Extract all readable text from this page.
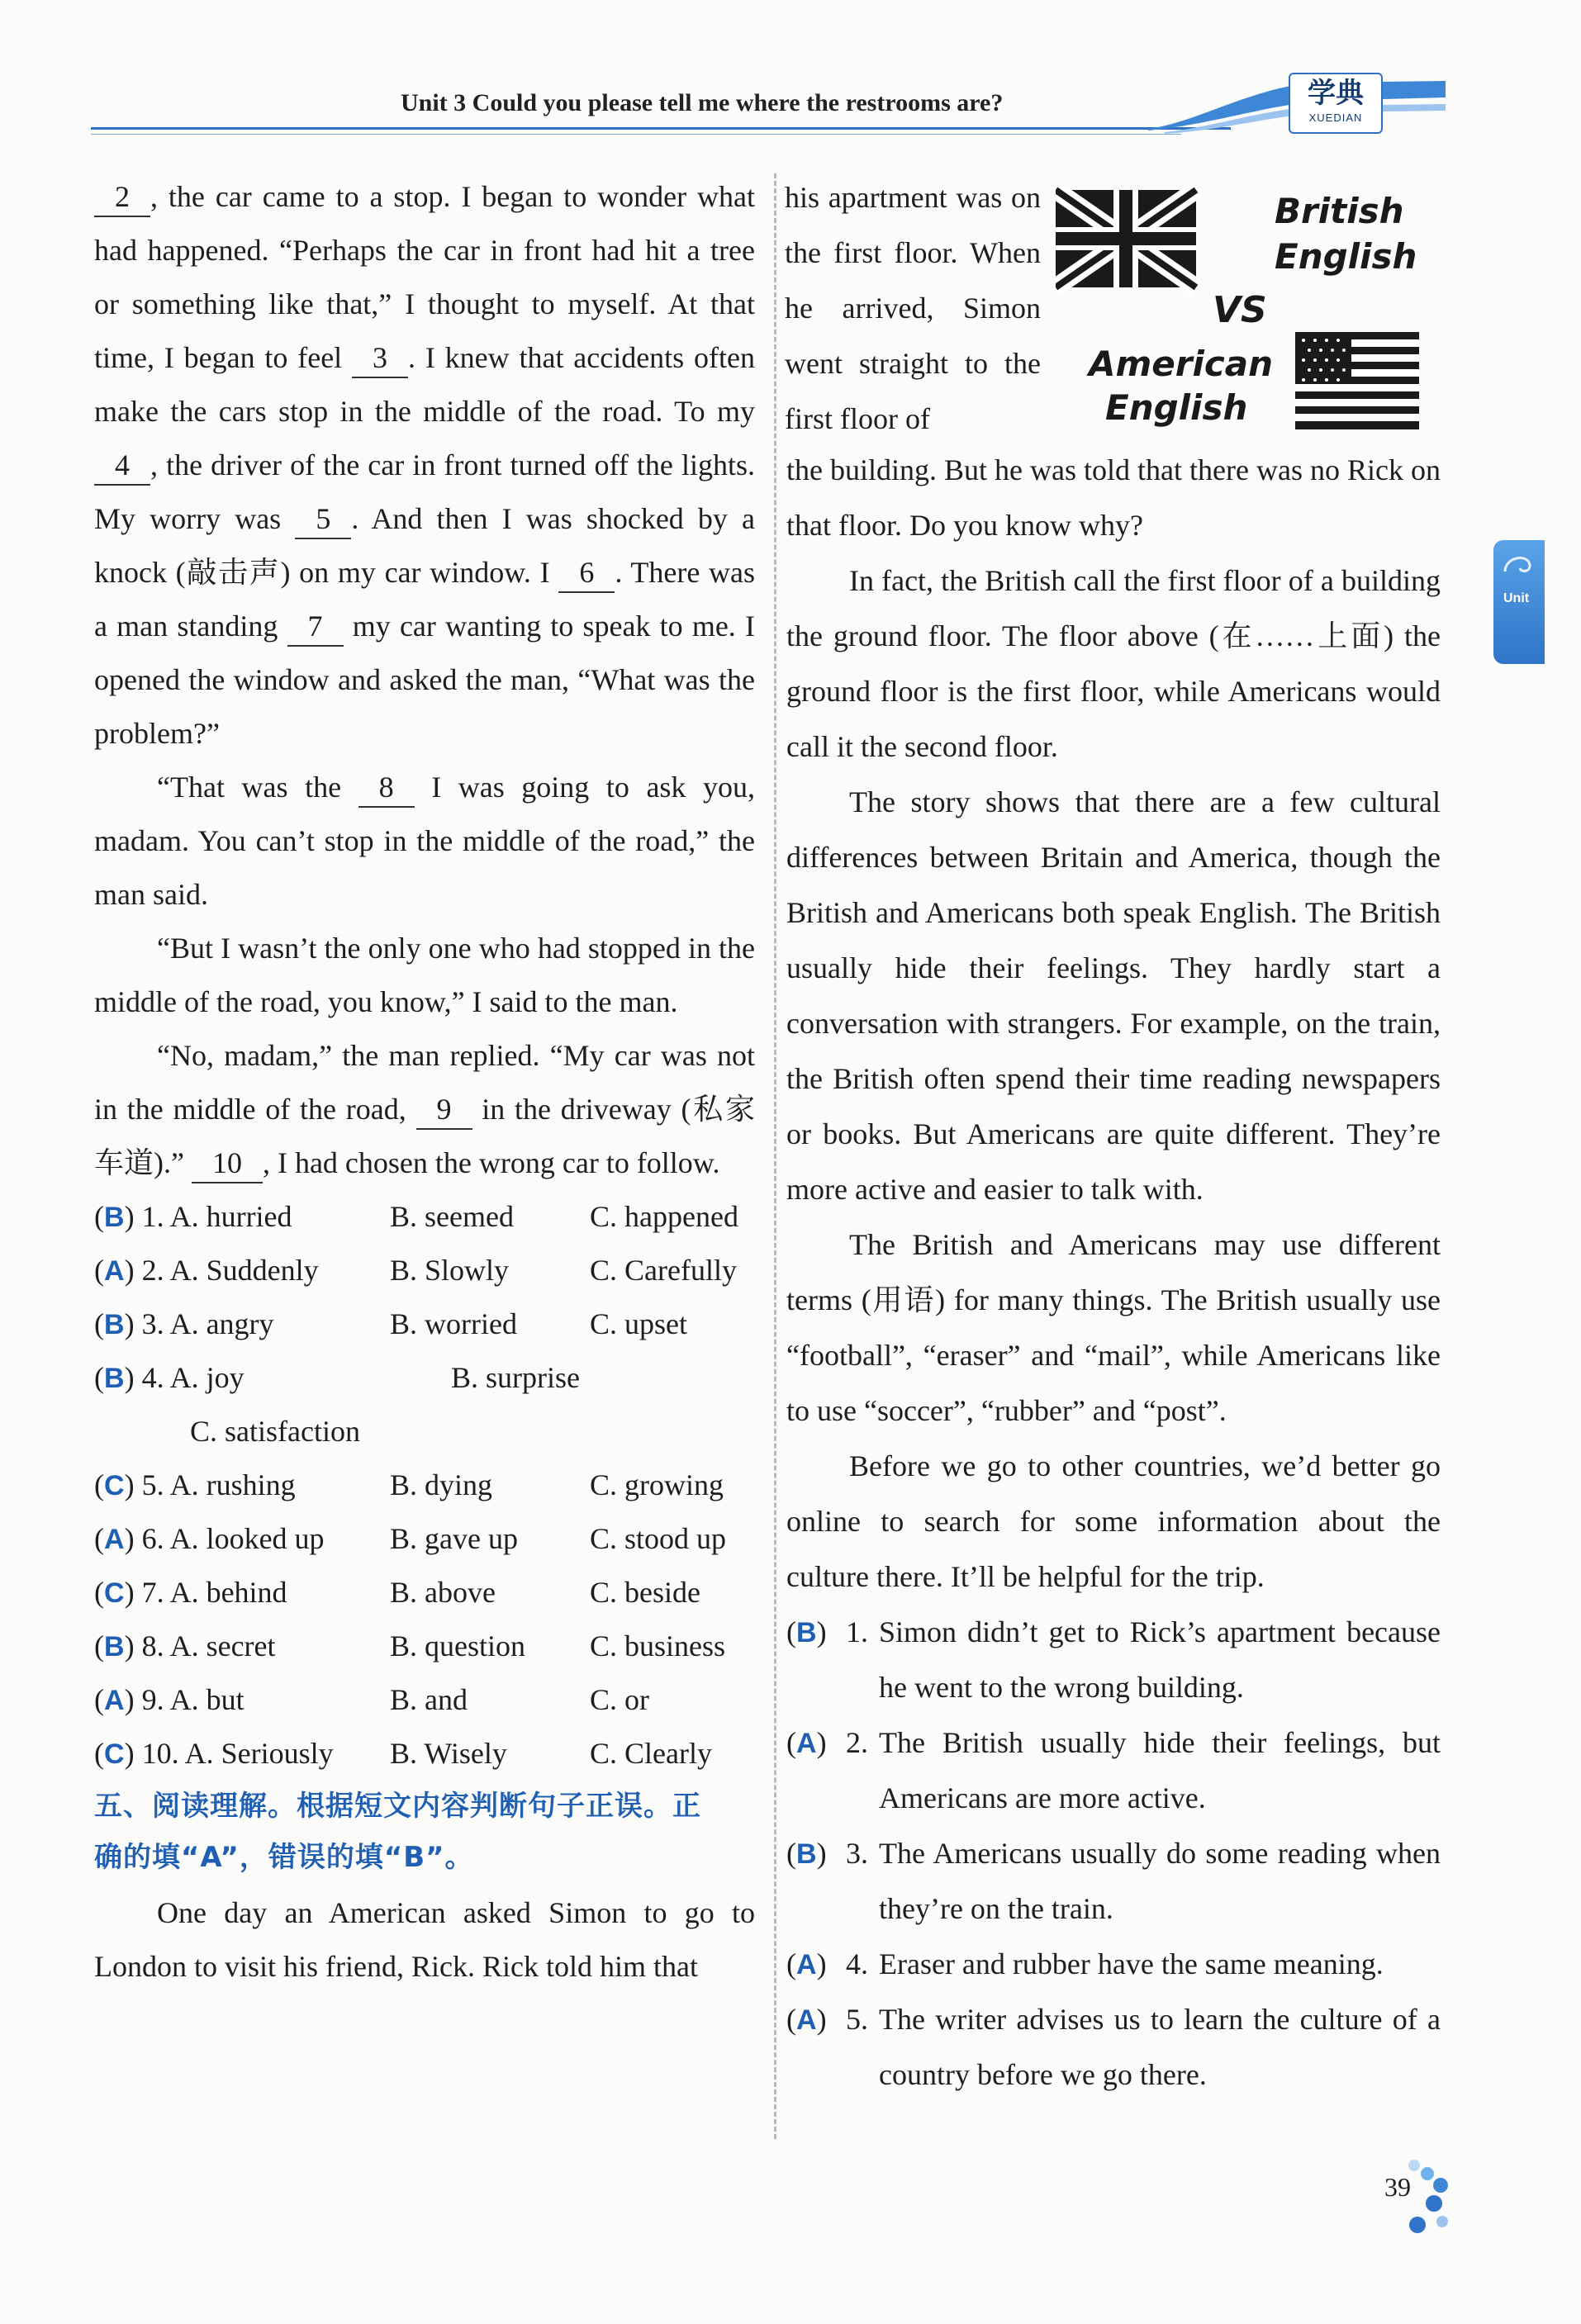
Unit 3 Could you please tell me where the restrooms are?	学典
XUEDIAN
Unit

2 , the car came to a stop. I began to wonder what had happened. “Perhaps the car in front had hit a tree or something like that,” I thought to myself. At that time, I began to feel 3 . I knew that accidents often make the cars stop in the middle of the road. To my 4 , the driver of the car in front turned off the lights. My worry was 5 . And then I was shocked by a knock (敲击声) on my car window. I 6 . There was a man standing 7 my car wanting to speak to me. I opened the window and asked the man, “What was the problem?”

“That was the 8 I was going to ask you, madam. You can’t stop in the middle of the road,” the man said.

“But I wasn’t the only one who had stopped in the middle of the road, you know,” I said to the man.

“No, madam,” the man replied. “My car was not in the middle of the road, 9 in the driveway (私家车道).” 10 , I had chosen the wrong car to follow.

(B) 1. A. hurried	B. seemed	C. happened
(A) 2. A. Suddenly B. Slowly	C. Carefully
(B) 3. A. angry	B. worried C. upset
(B) 4. A. joy	B. surprise
C. satisfaction
(C) 5. A. rushing	B. dying	C. growing
(A) 6. A. looked up B. gave up C. stood up
(C) 7. A. behind	B. above	C. beside
(B) 8. A. secret	B. question C. business
(A) 9. A. but	B. and	C. or
(C) 10. A. Seriously B. Wisely	C. Clearly
五、阅读理解。根据短文内容判断句子正误。正
确的填“A”，错误的填“B”。

One day an American asked Simon to go to London to visit his friend, Rick. Rick told him that

his apartment was on the first floor. When he arrived, Simon went straight to the first floor of

British
English
VS
American
English

the building. But he was told that there was no Rick on that floor. Do you know why?

In fact, the British call the first floor of a building the ground floor. The floor above (在……上面) the ground floor is the first floor, while Americans would call it the second floor.

The story shows that there are a few cultural differences between Britain and America, though the British and Americans both speak English. The British usually hide their feelings. They hardly start a conversation with strangers. For example, on the train, the British often spend their time reading newspapers or books. But Americans are quite different. They’re more active and easier to talk with.

The British and Americans may use different terms (用语) for many things. The British usually use “football”, “eraser” and “mail”, while Americans like to use “soccer”, “rubber” and “post”.

Before we go to other countries, we’d better go online to search for some information about the culture there. It’ll be helpful for the trip.

(B) 1. Simon didn’t get to Rick’s apartment because he went to the wrong building.

(A) 2. The British usually hide their feelings, but Americans are more active.

(B) 3. The Americans usually do some reading when they’re on the train.

(A) 4. Eraser and rubber have the same meaning.

(A) 5. The writer advises us to learn the culture of a country before we go there.

39
